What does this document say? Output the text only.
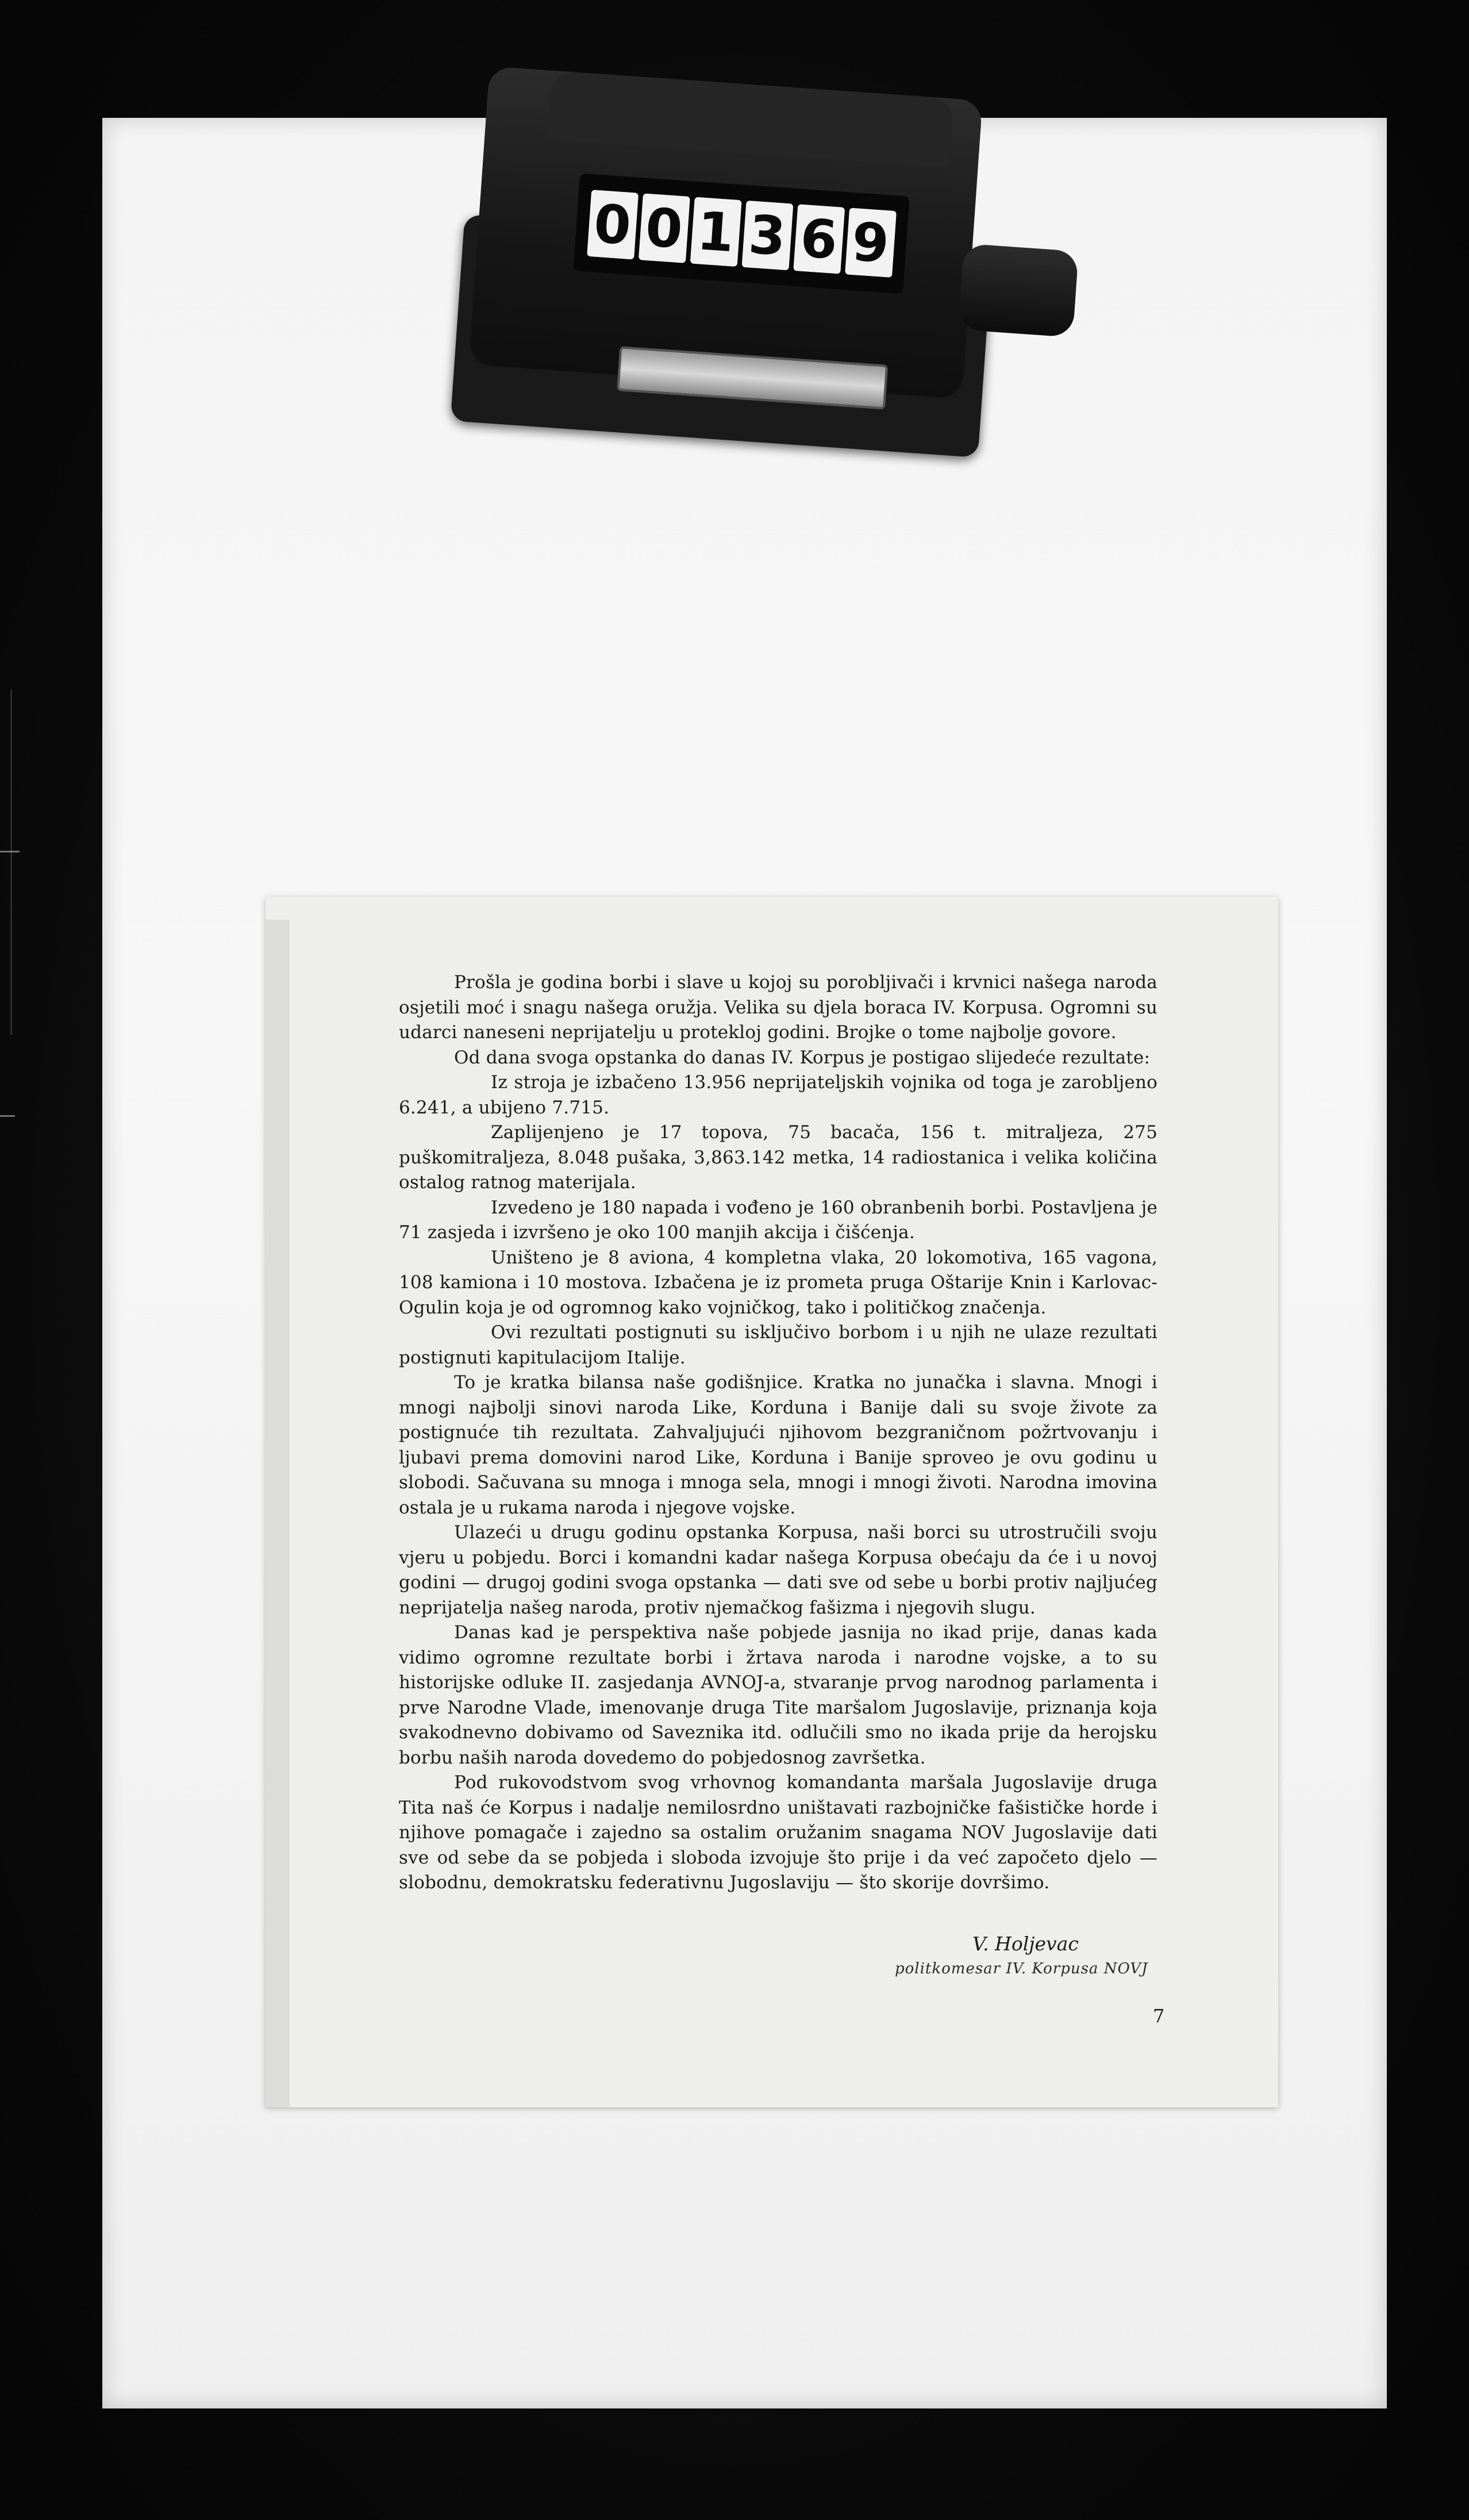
0 0 1 3 6 9

Prošla je godina borbi i slave u kojoj su porobljivači i krvnici našega naroda osjetili moć i snagu našega oružja. Velika su djela boraca IV. Korpusa. Ogromni su udarci naneseni neprijatelju u proteklој godini. Brojke o tome najbolje govore.

Od dana svoga opstanka do danas IV. Korpus je postigao slijedeće rezultate:

Iz stroja je izbačeno 13.956 neprijateljskih vojnika od toga je zarobljeno 6.241, a ubijeno 7.715.

Zaplijenjeno je 17 topova, 75 bacača, 156 t. mitraljeza, 275 puškomitraljeza, 8.048 pušaka, 3,863.142 metka, 14 radiostanica i velika količina ostalog ratnog materijala.

Izvedeno je 180 napada i vođeno je 160 obranbenih borbi. Postavljena je 71 zasjeda i izvršeno je oko 100 manjih akcija i čišćenja.

Uništeno je 8 aviona, 4 kompletna vlaka, 20 lokomotiva, 165 vagona, 108 kamiona i 10 mostova. Izbačena je iz prometa pruga Oštarije Knin i Karlovac-Ogulin koja je od ogromnog kako vojničkog, tako i političkog značenja.

Ovi rezultati postignuti su isključivo borbom i u njih ne ulaze rezultati postignuti kapitulacijom Italije.

To je kratka bilansa naše godišnjice. Kratka no junačka i slavna. Mnogi i mnogi najbolji sinovi naroda Like, Korduna i Banije dali su svoje živote za postignuće tih rezultata. Zahvaljujući njihovom bezgraničnom požrtvovanju i ljubavi prema domovini narod Like, Korduna i Banije sproveo je ovu godinu u slobodi. Sačuvana su mnoga i mnoga sela, mnogi i mnogi životi. Narodna imovina ostala je u rukama naroda i njegove vojske.

Ulazeći u drugu godinu opstanka Korpusa, naši borci su utrostručili svoju vjeru u pobjedu. Borci i komandni kadar našega Korpusa obećaju da će i u novoj godini — drugoj godini svoga opstanka — dati sve od sebe u borbi protiv najljućeg neprijatelja našeg naroda, protiv njemačkog fašizma i njegovih slugu.

Danas kad je perspektiva naše pobjede jasnija no ikad prije, danas kada vidimo ogromne rezultate borbi i žrtava naroda i narodne vojske, a to su historijske odluke II. zasjedanja AVNOJ-a, stvaranje prvog narodnog parlamenta i prve Narodne Vlade, imenovanje druga Tite maršalom Jugoslavije, priznanja koja svakodnevno dobivamo od Saveznika itd. odlučili smo no ikada prije da herojsku borbu naših naroda dovedemo do pobjedosnog završetka.

Pod rukovodstvom svog vrhovnog komandanta maršala Jugoslavije druga Tita naš će Korpus i nadalje nemilosrdno uništavati razbojničke fašističke horde i njihove pomagače i zajedno sa ostalim oružanim snagama NOV Jugoslavije dati sve od sebe da se pobjeda i sloboda izvojuje što prije i da već započeto djelo — slobodnu, demokratsku federativnu Jugoslaviju — što skorije dovršimo.

V. Holjevac
politkomesar IV. Korpusa NOVJ
7
